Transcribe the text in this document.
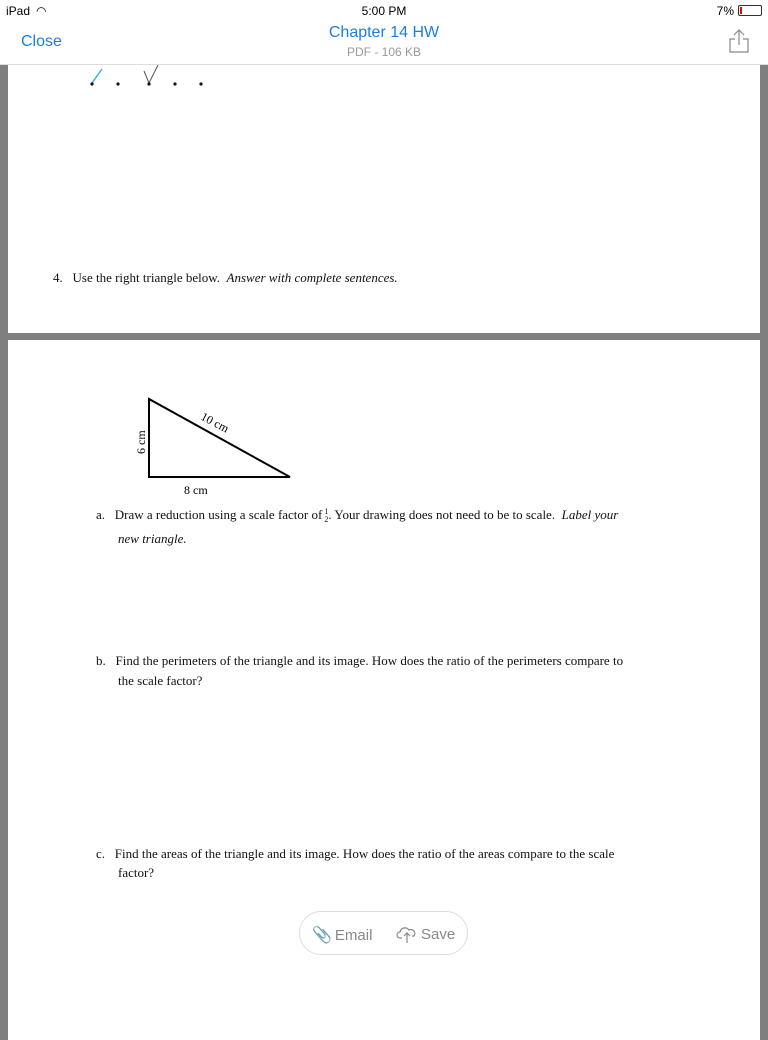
iPad ◠	5:00 PM	7%
Close
Chapter 14 HW
PDF - 106 KB
4. Use the right triangle below. Answer with complete sentences.
10 cm
6 cm
8 cm
a. Draw a reduction using a scale factor of 1
2. Your drawing does not need to be to scale. Label your
new triangle.
b. Find the perimeters of the triangle and its image. How does the ratio of the perimeters compare to
the scale factor?
c. Find the areas of the triangle and its image. How does the ratio of the areas compare to the scale
factor?
📎 Email	Save
